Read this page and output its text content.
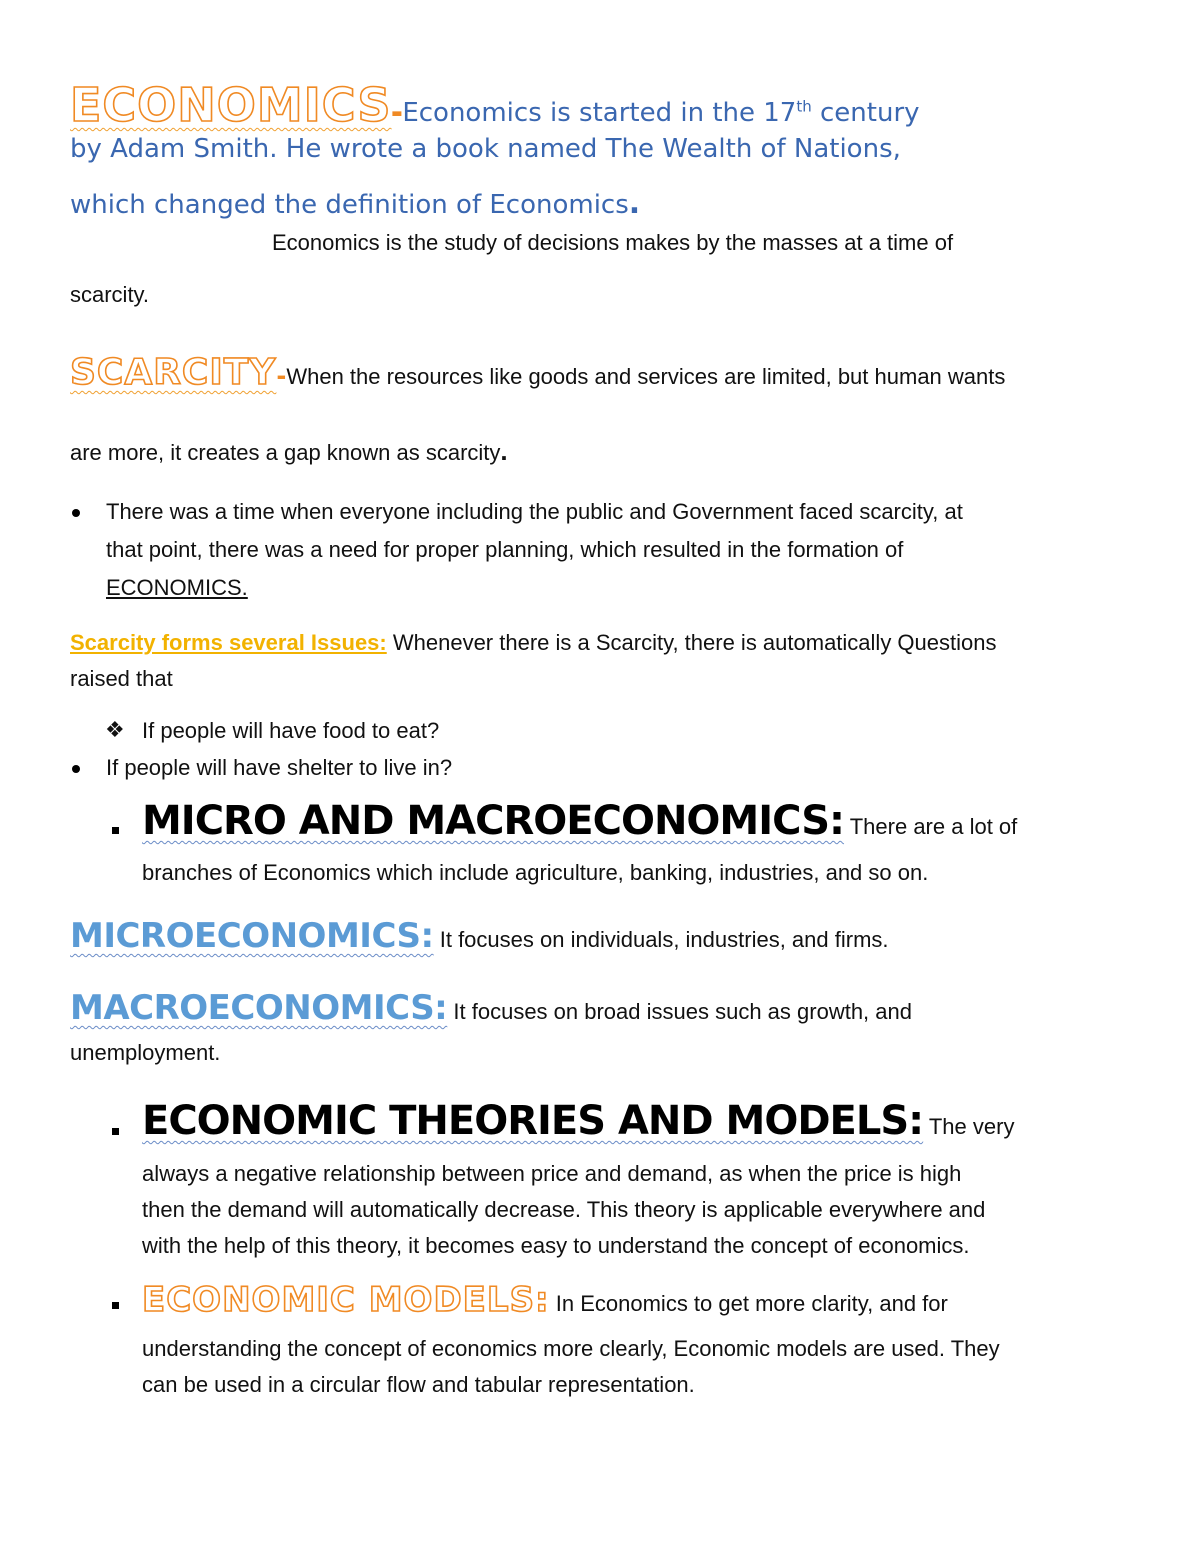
ECONOMICS-Economics is started in the 17th century
by Adam Smith. He wrote a book named The Wealth of Nations,
which changed the definition of Economics.
Economics is the study of decisions makes by the masses at a time of
scarcity.
SCARCITY-When the resources like goods and services are limited, but human wants
are more, it creates a gap known as scarcity.
There was a time when everyone including the public and Government faced scarcity, at
that point, there was a need for proper planning, which resulted in the formation of
ECONOMICS.
Scarcity forms several Issues: Whenever there is a Scarcity, there is automatically Questions
raised that
❖ If people will have food to eat?
If people will have shelter to live in?
MICRO AND MACROECONOMICS: There are a lot of
branches of Economics which include agriculture, banking, industries, and so on.
MICROECONOMICS: It focuses on individuals, industries, and firms.
MACROECONOMICS: It focuses on broad issues such as growth, and
unemployment.
ECONOMIC THEORIES AND MODELS: The very
always a negative relationship between price and demand, as when the price is high
then the demand will automatically decrease. This theory is applicable everywhere and
with the help of this theory, it becomes easy to understand the concept of economics.
ECONOMIC MODELS: In Economics to get more clarity, and for
understanding the concept of economics more clearly, Economic models are used. They
can be used in a circular flow and tabular representation.
